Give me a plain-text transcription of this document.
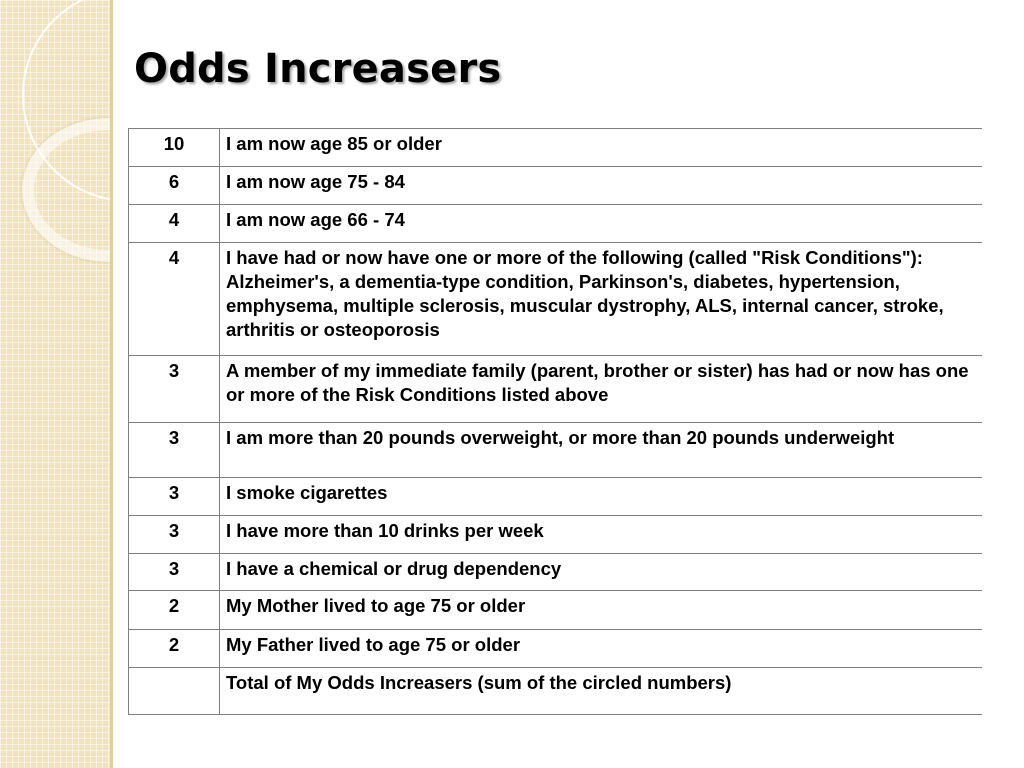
Odds Increasers
10	I am now age 85 or older
6	I am now age 75 - 84
4	I am now age 66 - 74
4	I have had or now have one or more of the following (called "Risk Conditions"): Alzheimer's, a dementia-type condition, Parkinson's, diabetes, hypertension, emphysema, multiple sclerosis, muscular dystrophy, ALS, internal cancer, stroke, arthritis or osteoporosis
3	A member of my immediate family (parent, brother or sister) has had or now has one or more of the Risk Conditions listed above
3	I am more than 20 pounds overweight, or more than 20 pounds underweight
3	I smoke cigarettes
3	I have more than 10 drinks per week
3	I have a chemical or drug dependency
2	My Mother lived to age 75 or older
2	My Father lived to age 75 or older
	Total of My Odds Increasers (sum of the circled numbers)
